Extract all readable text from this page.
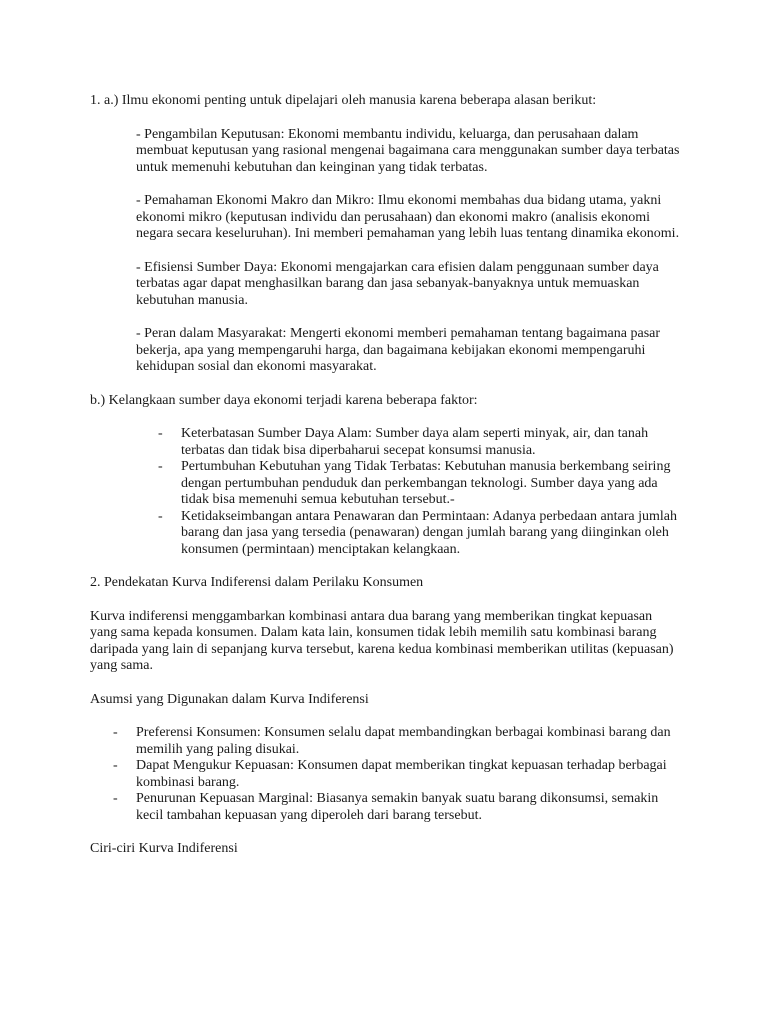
1. a.) Ilmu ekonomi penting untuk dipelajari oleh manusia karena beberapa alasan berikut:

- Pengambilan Keputusan: Ekonomi membantu individu, keluarga, dan perusahaan dalam membuat keputusan yang rasional mengenai bagaimana cara menggunakan sumber daya terbatas untuk memenuhi kebutuhan dan keinginan yang tidak terbatas.

- Pemahaman Ekonomi Makro dan Mikro: Ilmu ekonomi membahas dua bidang utama, yakni ekonomi mikro (keputusan individu dan perusahaan) dan ekonomi makro (analisis ekonomi negara secara keseluruhan). Ini memberi pemahaman yang lebih luas tentang dinamika ekonomi.

- Efisiensi Sumber Daya: Ekonomi mengajarkan cara efisien dalam penggunaan sumber daya terbatas agar dapat menghasilkan barang dan jasa sebanyak-banyaknya untuk memuaskan kebutuhan manusia.

- Peran dalam Masyarakat: Mengerti ekonomi memberi pemahaman tentang bagaimana pasar bekerja, apa yang mempengaruhi harga, dan bagaimana kebijakan ekonomi mempengaruhi kehidupan sosial dan ekonomi masyarakat.

b.) Kelangkaan sumber daya ekonomi terjadi karena beberapa faktor:

- Keterbatasan Sumber Daya Alam: Sumber daya alam seperti minyak, air, dan tanah terbatas dan tidak bisa diperbaharui secepat konsumsi manusia.
- Pertumbuhan Kebutuhan yang Tidak Terbatas: Kebutuhan manusia berkembang seiring dengan pertumbuhan penduduk dan perkembangan teknologi. Sumber daya yang ada tidak bisa memenuhi semua kebutuhan tersebut.-
- Ketidakseimbangan antara Penawaran dan Permintaan: Adanya perbedaan antara jumlah barang dan jasa yang tersedia (penawaran) dengan jumlah barang yang diinginkan oleh konsumen (permintaan) menciptakan kelangkaan.

2. Pendekatan Kurva Indiferensi dalam Perilaku Konsumen

Kurva indiferensi menggambarkan kombinasi antara dua barang yang memberikan tingkat kepuasan yang sama kepada konsumen. Dalam kata lain, konsumen tidak lebih memilih satu kombinasi barang daripada yang lain di sepanjang kurva tersebut, karena kedua kombinasi memberikan utilitas (kepuasan) yang sama.

Asumsi yang Digunakan dalam Kurva Indiferensi

- Preferensi Konsumen: Konsumen selalu dapat membandingkan berbagai kombinasi barang dan memilih yang paling disukai.
- Dapat Mengukur Kepuasan: Konsumen dapat memberikan tingkat kepuasan terhadap berbagai kombinasi barang.
- Penurunan Kepuasan Marginal: Biasanya semakin banyak suatu barang dikonsumsi, semakin kecil tambahan kepuasan yang diperoleh dari barang tersebut.

Ciri-ciri Kurva Indiferensi
